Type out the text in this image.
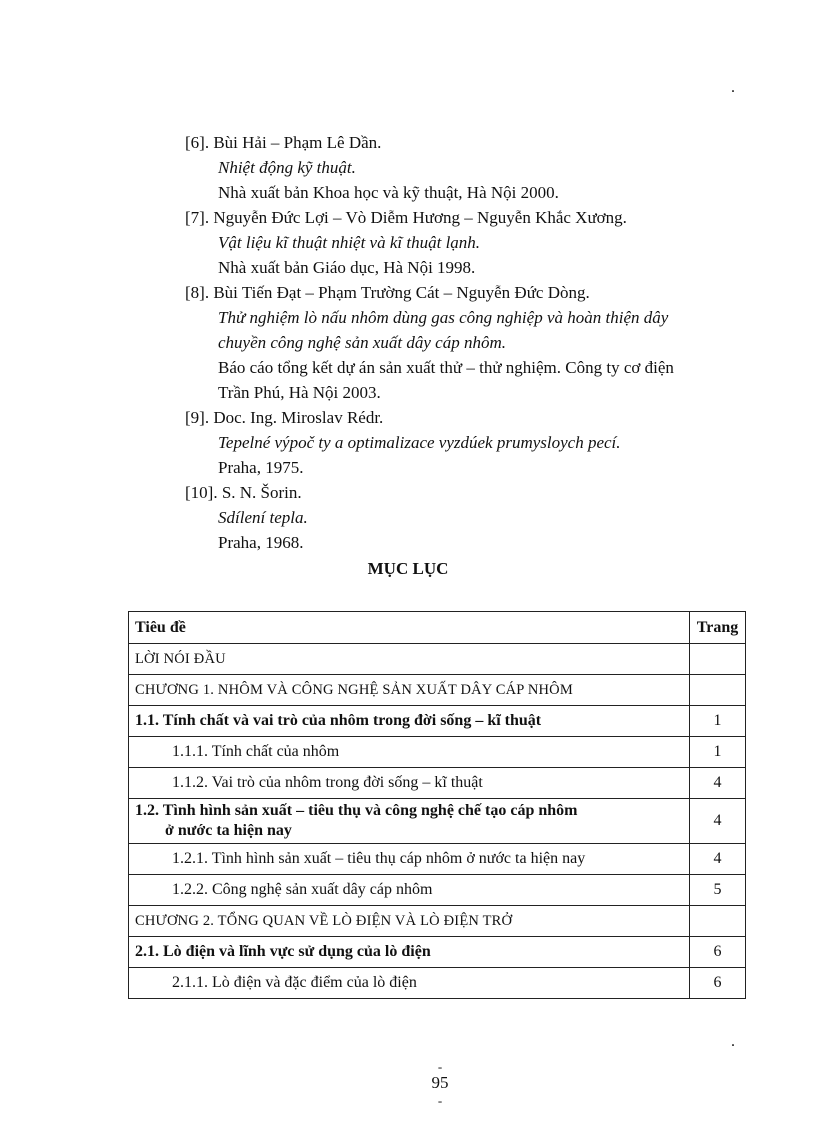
.
[6]. Bùi Hải – Phạm Lê Dần.
Nhiệt động kỹ thuật.
Nhà xuất bản Khoa học và kỹ thuật, Hà Nội 2000.
[7]. Nguyễn Đức Lợi – Vò Diễm Hương – Nguyễn Khắc Xương.
Vật liệu kĩ thuật nhiệt và kĩ thuật lạnh.
Nhà xuất bản Giáo dục, Hà Nội 1998.
[8]. Bùi Tiến Đạt – Phạm Trường Cát – Nguyễn Đức Dòng.
Thử nghiệm lò nấu nhôm dùng gas công nghiệp và hoàn thiện dây
chuyền công nghệ sản xuất dây cáp nhôm.
Báo cáo tổng kết dự án sản xuất thử – thử nghiệm. Công ty cơ điện
Trần Phú, Hà Nội 2003.
[9]. Doc. Ing. Miroslav Rédr.
Tepelné výpoč ty a optimalizace vyzdúek prumysloych pecí.
Praha, 1975.
[10]. S. N. Šorin.
Sdílení tepla.
Praha, 1968.
MỤC LỤC
Tiêu đề	Trang
LỜI NÓI ĐẦU	
CHƯƠNG 1. NHÔM VÀ CÔNG NGHỆ SẢN XUẤT DÂY CÁP NHÔM	
1.1. Tính chất và vai trò của nhôm trong đời sống – kĩ thuật	1
1.1.1. Tính chất của nhôm	1
1.1.2. Vai trò của nhôm trong đời sống – kĩ thuật	4

1.2. Tình hình sản xuất – tiêu thụ và công nghệ chế tạo cáp nhôm
ở nước ta hiện nay	4
1.2.1. Tình hình sản xuất – tiêu thụ cáp nhôm ở nước ta hiện nay	4
1.2.2. Công nghệ sản xuất dây cáp nhôm	5
CHƯƠNG 2. TỔNG QUAN VỀ LÒ ĐIỆN VÀ LÒ ĐIỆN TRỞ	
2.1. Lò điện và lĩnh vực sử dụng của lò điện	6
2.1.1. Lò điện và đặc điểm của lò điện	6
.
-
95
-
